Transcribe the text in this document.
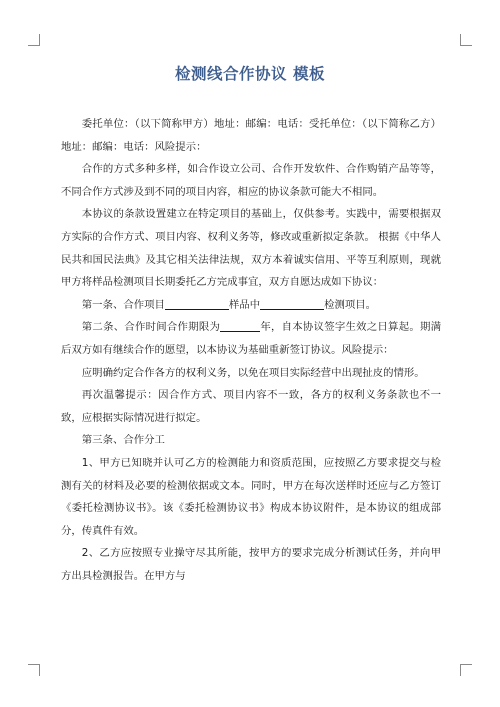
检测线合作协议 模板

委托单位：（以下简称甲方）地址：邮编：电话：受托单位：（以下简称乙方）地址：邮编：电话：风险提示：

合作的方式多种多样，如合作设立公司、合作开发软件、合作购销产品等等，不同合作方式涉及到不同的项目内容，相应的协议条款可能大不相同。

本协议的条款设置建立在特定项目的基础上，仅供参考。实践中，需要根据双方实际的合作方式、项目内容、权利义务等，修改或重新拟定条款。 根据《中华人民共和国民法典》及其它相关法律法规，双方本着诚实信用、平等互利原则，现就甲方将样品检测项目长期委托乙方完成事宜，双方自愿达成如下协议：

第一条、合作项目	样品中	检测项目。

第二条、合作时间合作期限为	年，自本协议签字生效之日算起。期满后双方如有继续合作的愿望，以本协议为基础重新签订协议。风险提示：

应明确约定合作各方的权利义务，以免在项目实际经营中出现扯皮的情形。

再次温馨提示：因合作方式、项目内容不一致，各方的权利义务条款也不一致，应根据实际情况进行拟定。

第三条、合作分工

1、甲方已知晓并认可乙方的检测能力和资质范围，应按照乙方要求提交与检测有关的材料及必要的检测依据或文本。同时，甲方在每次送样时还应与乙方签订《委托检测协议书》。该《委托检测协议书》构成本协议附件，是本协议的组成部分，传真件有效。

2、乙方应按照专业操守尽其所能，按甲方的要求完成分析测试任务，并向甲方出具检测报告。在甲方与
